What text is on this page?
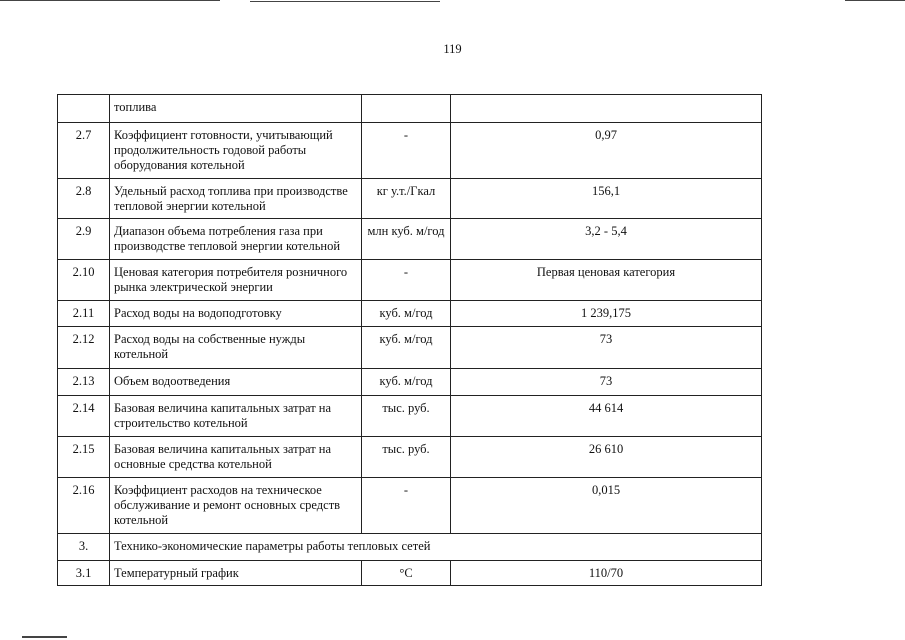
119
	топлива		
2.7	Коэффициент готовности, учитывающий продолжительность годовой работы оборудования котельной	-	0,97
2.8	Удельный расход топлива при производстве тепловой энергии котельной	кг у.т./Гкал	156,1
2.9	Диапазон объема потребления газа при производстве тепловой энергии котельной	млн куб. м/год	3,2 - 5,4
2.10	Ценовая категория потребителя розничного рынка электрической энергии	-	Первая ценовая категория
2.11	Расход воды на водоподготовку	куб. м/год	1 239,175
2.12	Расход воды на собственные нужды котельной	куб. м/год	73
2.13	Объем водоотведения	куб. м/год	73
2.14	Базовая величина капитальных затрат на строительство котельной	тыс. руб.	44 614
2.15	Базовая величина капитальных затрат на основные средства котельной	тыс. руб.	26 610
2.16	Коэффициент расходов на техническое обслуживание и ремонт основных средств котельной	-	0,015
3.	Технико-экономические параметры работы тепловых сетей		
3.1	Температурный график	°С	110/70
